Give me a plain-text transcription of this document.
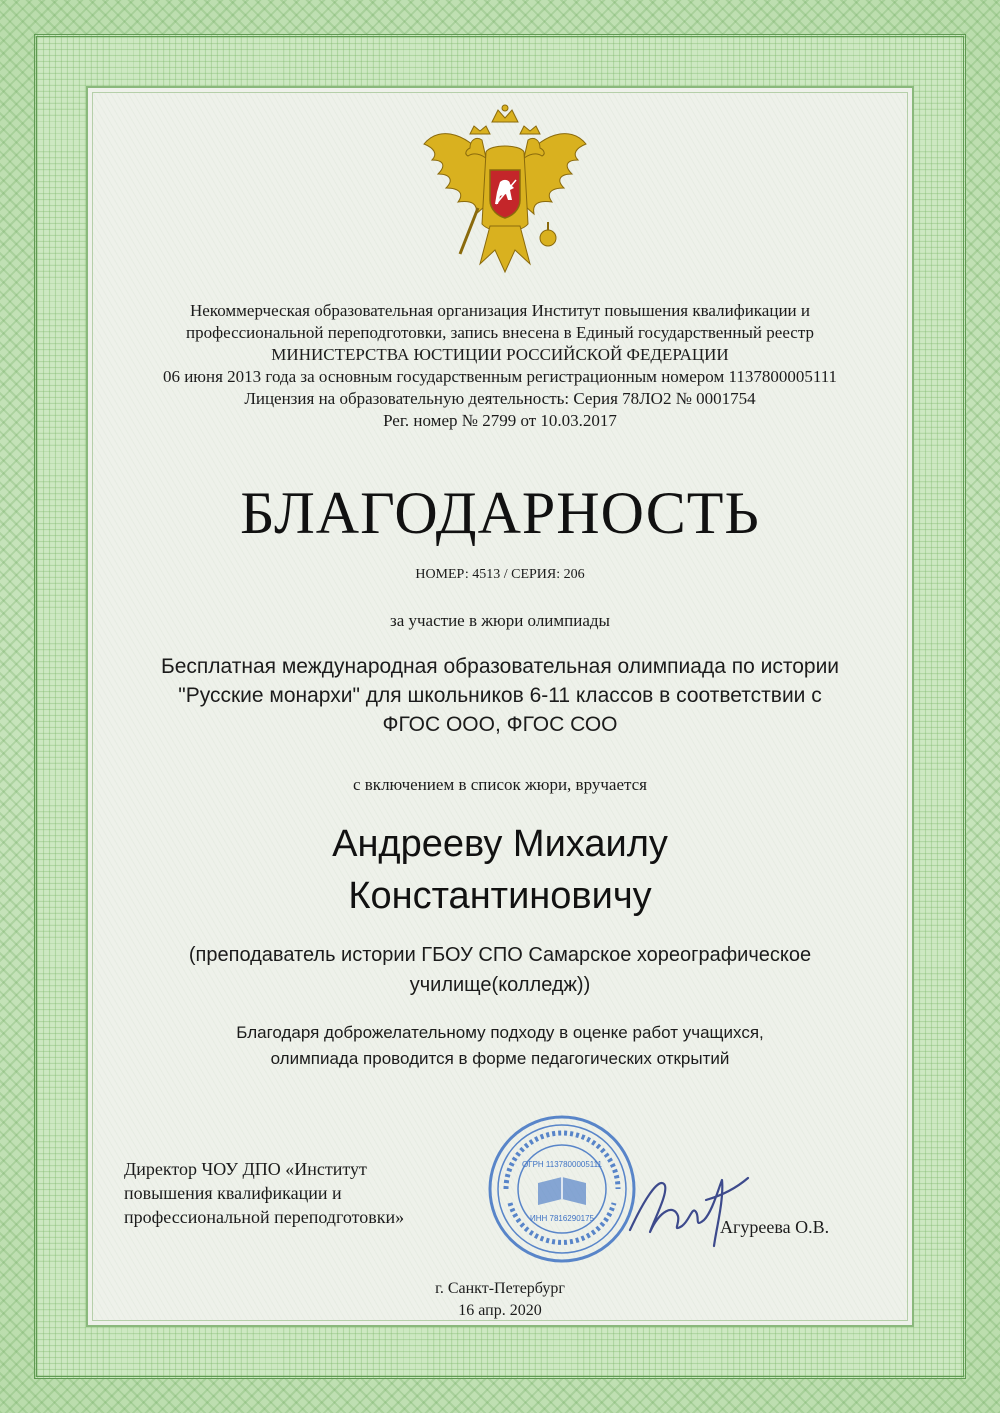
Некоммерческая образовательная организация Институт повышения квалификации и
профессиональной переподготовки, запись внесена в Единый государственный реестр
МИНИСТЕРСТВА ЮСТИЦИИ РОССИЙСКОЙ ФЕДЕРАЦИИ
06 июня 2013 года за основным государственным регистрационным номером 1137800005111
Лицензия на образовательную деятельность: Серия 78ЛО2 № 0001754
Рег. номер № 2799 от 10.03.2017
БЛАГОДАРНОСТЬ
НОМЕР: 4513 / СЕРИЯ: 206
за участие в жюри олимпиады
Бесплатная международная образовательная олимпиада по истории
"Русские монархи" для школьников 6-11 классов в соответствии с
ФГОС ООО, ФГОС СОО
с включением в список жюри, вручается
Андрееву Михаилу
Константиновичу
(преподаватель истории ГБОУ СПО Самарское хореографическое
училище(колледж))
Благодаря доброжелательному подходу в оценке работ учащихся,
олимпиада проводится в форме педагогических открытий
Директор ЧОУ ДПО «Институт
повышения квалификации и
профессиональной переподготовки»
ОГРН 1137800005111
ИНН 7816290175	Агуреева О.В.
г. Санкт-Петербург
16 апр. 2020
